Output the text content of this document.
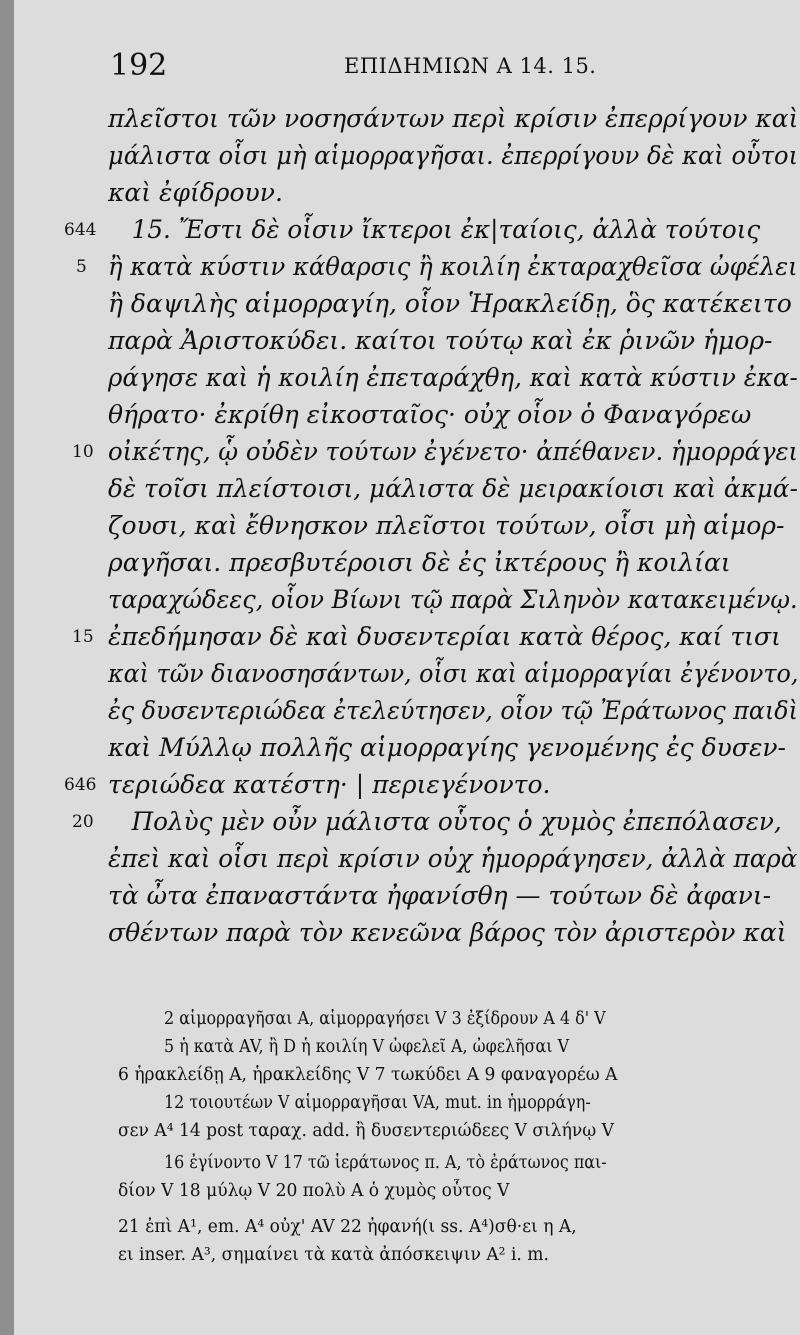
192	ΕΠΙΔΗΜΙΩΝ Α 14. 15.
πλεῖστοι τῶν νοσησάντων περὶ κρίσιν ἐπερρίγουν καὶ
μάλιστα οἷσι μὴ αἱμορραγῆσαι. ἐπερρίγουν δὲ καὶ οὗτοι
καὶ ἐφίδρουν.
644	15. Ἔστι δὲ οἷσιν ἴκτεροι ἐκ|ταίοις, ἀλλὰ τούτοις
5 ἢ κατὰ κύστιν κάθαρσις ἢ κοιλίη ἐκταραχθεῖσα ὠφέλει
ἢ δαψιλὴς αἱμορραγίη, οἷον Ἡρακλείδῃ, ὃς κατέκειτο
παρὰ Ἀριστοκύδει. καίτοι τούτῳ καὶ ἐκ ῥινῶν ἡμορ-
ράγησε καὶ ἡ κοιλίη ἐπεταράχθη, καὶ κατὰ κύστιν ἐκα-
θήρατο· ἐκρίθη εἰκοσταῖος· οὐχ οἷον ὁ Φαναγόρεω
10 οἰκέτης, ᾧ οὐδὲν τούτων ἐγένετο· ἀπέθανεν. ἡμορράγει
δὲ τοῖσι πλείστοισι, μάλιστα δὲ μειρακίοισι καὶ ἀκμά-
ζουσι, καὶ ἔθνησκον πλεῖστοι τούτων, οἷσι μὴ αἱμορ-
ραγῆσαι. πρεσβυτέροισι δὲ ἐς ἰκτέρους ἢ κοιλίαι
ταραχώδεες, οἷον Βίωνι τῷ παρὰ Σιληνὸν κατακειμένῳ.
15 ἐπεδήμησαν δὲ καὶ δυσεντερίαι κατὰ θέρος, καί τισι
καὶ τῶν διανοσησάντων, οἷσι καὶ αἱμορραγίαι ἐγένοντο,
ἐς δυσεντεριώδεα ἐτελεύτησεν, οἷον τῷ Ἐράτωνος παιδὶ
καὶ Μύλλῳ πολλῆς αἱμορραγίης γενομένης ἐς δυσεν-
646 τεριώδεα κατέστη· | περιεγένοντο.
20	Πολὺς μὲν οὖν μάλιστα οὗτος ὁ χυμὸς ἐπεπόλασεν,
ἐπεὶ καὶ οἷσι περὶ κρίσιν οὐχ ἡμορράγησεν, ἀλλὰ παρὰ
τὰ ὦτα ἐπαναστάντα ἠφανίσθη — τούτων δὲ ἀφανι-
σθέντων παρὰ τὸν κενεῶνα βάρος τὸν ἀριστερὸν καὶ
2 αἱμορραγῆσαι A, αἱμορραγήσει V 3 ἐξίδρουν A 4 δ' V
5 ἡ κατὰ AV, ἢ D ἡ κοιλίη V ὠφελεῖ A, ὠφελῆσαι V
6 ἡρακλείδῃ A, ἡρακλείδης V 7 τωκύδει A 9 φαναγορέω A
12 τοιουτέων V αἱμορραγῆσαι VA, mut. in ἡμορράγη-
σεν A⁴ 14 post ταραχ. add. ἢ δυσεντεριώδεες V σιλήνῳ V
16 ἐγίνοντο V 17 τῶ ἱεράτωνος π. A, τὸ ἐράτωνος παι-
δίον V 18 μύλῳ V 20 πολὺ A ὁ χυμὸς οὗτος V
21 ἐπὶ A¹, em. A⁴ οὐχ' AV 22 ἠφανή(ι ss. A⁴)σθ·ει η A,
ει inser. A³, σημαίνει τὰ κατὰ ἀπόσκειψιν A² i. m.
